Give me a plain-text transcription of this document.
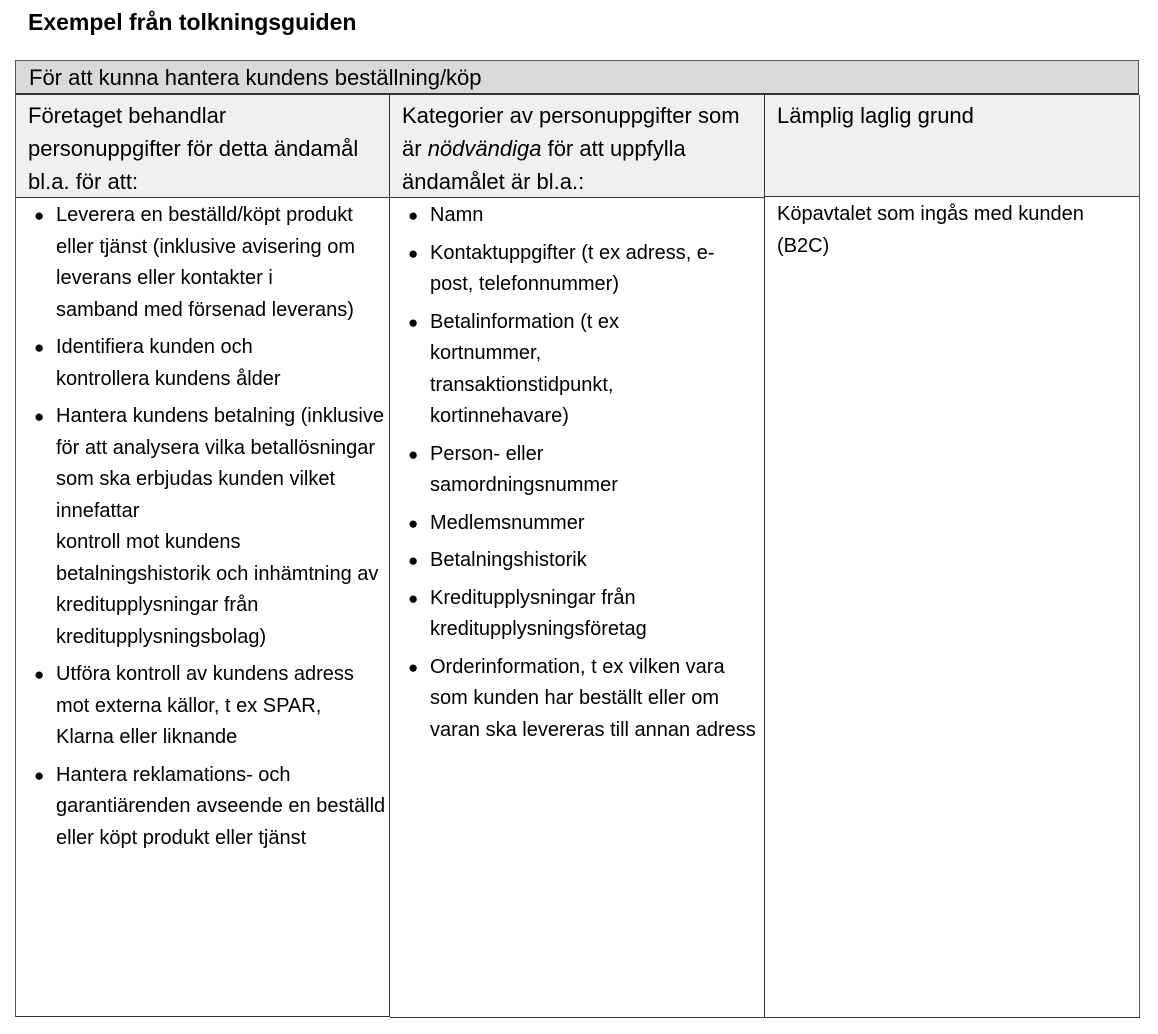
Exempel från tolkningsguiden
För att kunna hantera kundens beställning/köp
Företaget behandlar personuppgifter för detta ändamål bl.a. för att:
● Leverera en beställd/köpt produkt eller tjänst (inklusive avisering om leverans eller kontakter i samband med försenad leverans)
● Identifiera kunden och kontrollera kundens ålder
● Hantera kundens betalning (inklusive för att analysera vilka betallösningar som ska erbjudas kunden vilket innefattar
kontroll mot kundens betalningshistorik och inhämtning av kreditupplysningar från kreditupplysningsbolag)
● Utföra kontroll av kundens adress mot externa källor, t ex SPAR, Klarna eller liknande
● Hantera reklamations- och garantiärenden avseende en beställd eller köpt produkt eller tjänst
Kategorier av personuppgifter som är nödvändiga för att uppfylla ändamålet är bl.a.:
● Namn
● Kontaktuppgifter (t ex adress, e-post, telefonnummer)
● Betalinformation (t ex kortnummer, transaktionstidpunkt, kortinnehavare)
● Person- eller samordningsnummer
● Medlemsnummer
● Betalningshistorik
● Kreditupplysningar från kreditupplysningsföretag
● Orderinformation, t ex vilken vara som kunden har beställt eller om varan ska levereras till annan adress
Lämplig laglig grund
Köpavtalet som ingås med kunden (B2C)
